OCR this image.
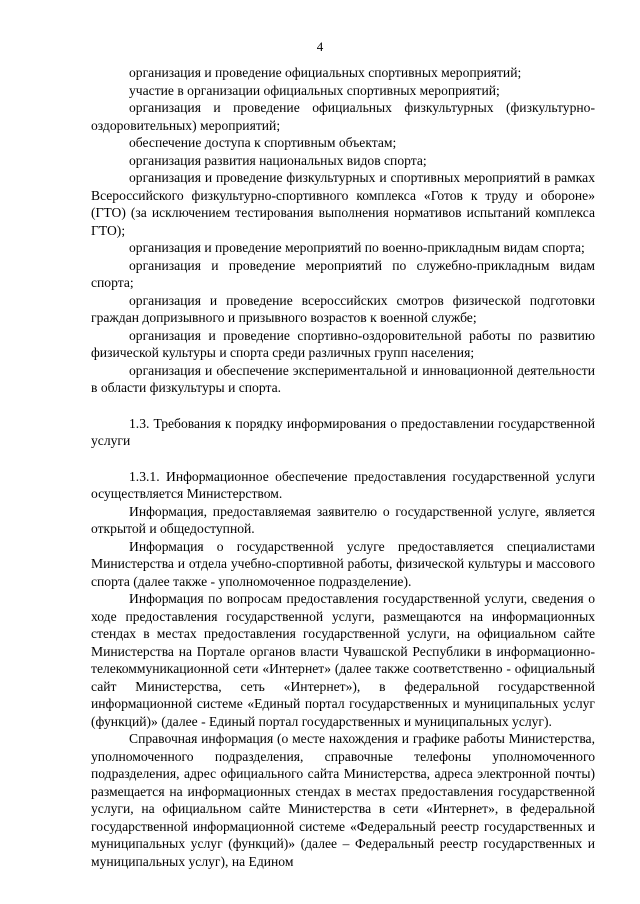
4

организация и проведение официальных спортивных мероприятий;

участие в организации официальных спортивных мероприятий;

организация и проведение официальных физкультурных (физкультурно-оздоровительных) мероприятий;

обеспечение доступа к спортивным объектам;

организация развития национальных видов спорта;

организация и проведение физкультурных и спортивных мероприятий в рамках Всероссийского физкультурно-спортивного комплекса «Готов к труду и обороне» (ГТО) (за исключением тестирования выполнения нормативов испытаний комплекса ГТО);

организация и проведение мероприятий по военно-прикладным видам спорта;

организация и проведение мероприятий по служебно-прикладным видам спорта;

организация и проведение всероссийских смотров физической подготовки граждан допризывного и призывного возрастов к военной службе;

организация и проведение спортивно-оздоровительной работы по развитию физической культуры и спорта среди различных групп населения;

организация и обеспечение экспериментальной и инновационной деятельности в области физкультуры и спорта.

1.3. Требования к порядку информирования о предоставлении государственной услуги

1.3.1. Информационное обеспечение предоставления государственной услуги осуществляется Министерством.

Информация, предоставляемая заявителю о государственной услуге, является открытой и общедоступной.

Информация о государственной услуге предоставляется специалистами Министерства и отдела учебно-спортивной работы, физической культуры и массового спорта (далее также - уполномоченное подразделение).

Информация по вопросам предоставления государственной услуги, сведения о ходе предоставления государственной услуги, размещаются на информационных стендах в местах предоставления государственной услуги, на официальном сайте Министерства на Портале органов власти Чувашской Республики в информационно-телекоммуникационной сети «Интернет» (далее также соответственно - официальный сайт Министерства, сеть «Интернет»), в федеральной государственной информационной системе «Единый портал государственных и муниципальных услуг (функций)» (далее - Единый портал государственных и муниципальных услуг).

Справочная информация (о месте нахождения и графике работы Министерства, уполномоченного подразделения, справочные телефоны уполномоченного подразделения, адрес официального сайта Министерства, адреса электронной почты) размещается на информационных стендах в местах предоставления государственной услуги, на официальном сайте Министерства в сети «Интернет», в федеральной государственной информационной системе «Федеральный реестр государственных и муниципальных услуг (функций)» (далее – Федеральный реестр государственных и муниципальных услуг), на Едином
